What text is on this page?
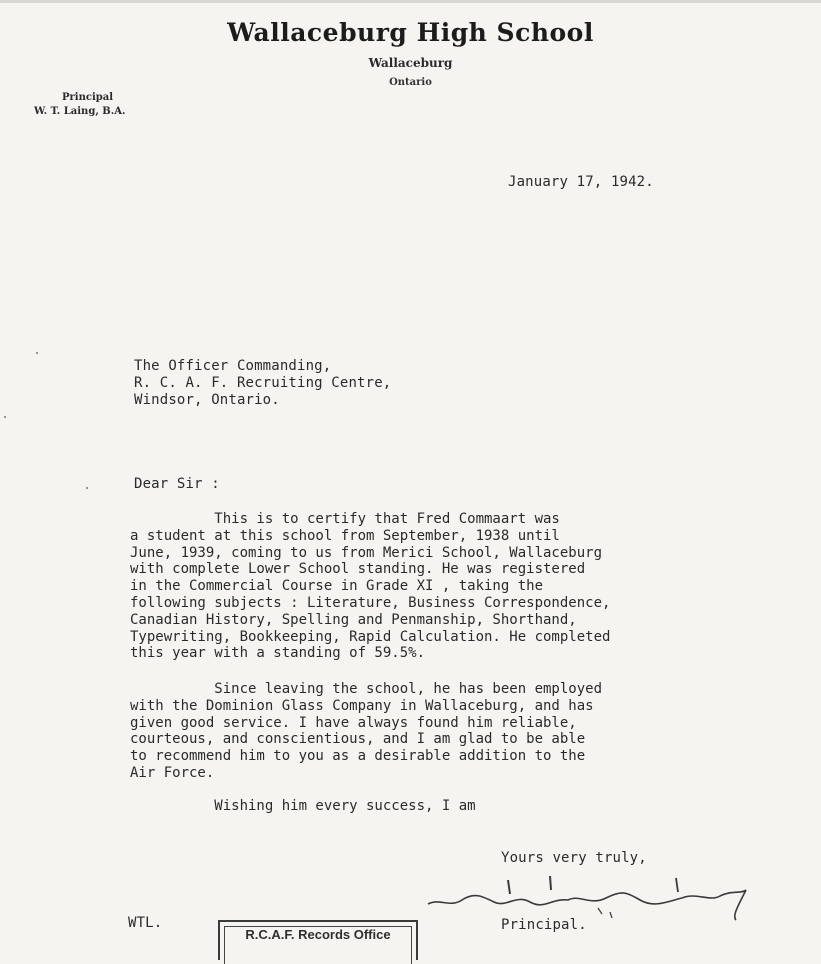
Wallaceburg High School
Wallaceburg
Ontario
Principal
W. T. Laing, B.A.
January 17, 1942.
The Officer Commanding,
R. C. A. F. Recruiting Centre,
Windsor, Ontario.
Dear Sir :
This is to certify that Fred Commaart was
a student at this school from September, 1938 until
June, 1939, coming to us from Merici School, Wallaceburg
with complete Lower School standing. He was registered
in the Commercial Course in Grade XI , taking the
following subjects : Literature, Business Correspondence,
Canadian History, Spelling and Penmanship, Shorthand,
Typewriting, Bookkeeping, Rapid Calculation. He completed
this year with a standing of 59.5%.
Since leaving the school, he has been employed
with the Dominion Glass Company in Wallaceburg, and has
given good service. I have always found him reliable,
courteous, and conscientious, and I am glad to be able
to recommend him to you as a desirable addition to the
Air Force.
Wishing him every success, I am
Yours very truly,
Principal.
WTL.
R.C.A.F. Records Office
